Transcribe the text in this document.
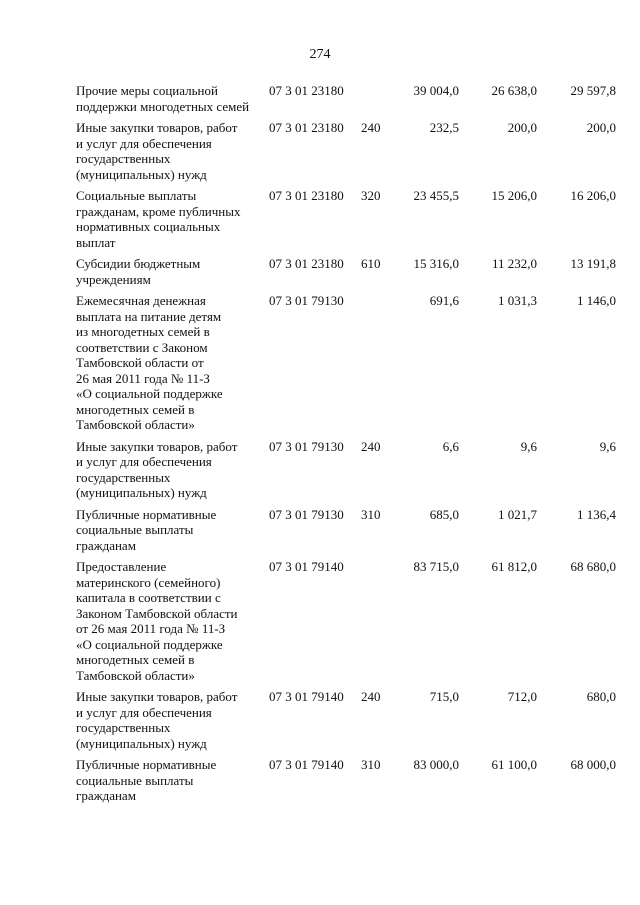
274
Прочие меры социальной
поддержки многодетных семей
07 3 01 23180	39 004,0	26 638,0	29 597,8
Иные закупки товаров, работ
и услуг для обеспечения
государственных
(муниципальных) нужд
07 3 01 23180 240	232,5	200,0	200,0
Социальные выплаты
гражданам, кроме публичных
нормативных социальных
выплат
07 3 01 23180 320	23 455,5	15 206,0	16 206,0
Субсидии бюджетным
учреждениям
07 3 01 23180 610	15 316,0	11 232,0	13 191,8
Ежемесячная денежная
выплата на питание детям
из многодетных семей в
соответствии с Законом
Тамбовской области от
26 мая 2011 года № 11-З
«О социальной поддержке
многодетных семей в
Тамбовской области»
07 3 01 79130	691,6	1 031,3	1 146,0
Иные закупки товаров, работ
и услуг для обеспечения
государственных
(муниципальных) нужд
07 3 01 79130 240	6,6	9,6	9,6
Публичные нормативные
социальные выплаты
гражданам
07 3 01 79130 310	685,0	1 021,7	1 136,4
Предоставление
материнского (семейного)
капитала в соответствии с
Законом Тамбовской области
от 26 мая 2011 года № 11-З
«О социальной поддержке
многодетных семей в
Тамбовской области»
07 3 01 79140	83 715,0	61 812,0	68 680,0
Иные закупки товаров, работ
и услуг для обеспечения
государственных
(муниципальных) нужд
07 3 01 79140 240	715,0	712,0	680,0
Публичные нормативные
социальные выплаты
гражданам
07 3 01 79140 310	83 000,0	61 100,0	68 000,0
